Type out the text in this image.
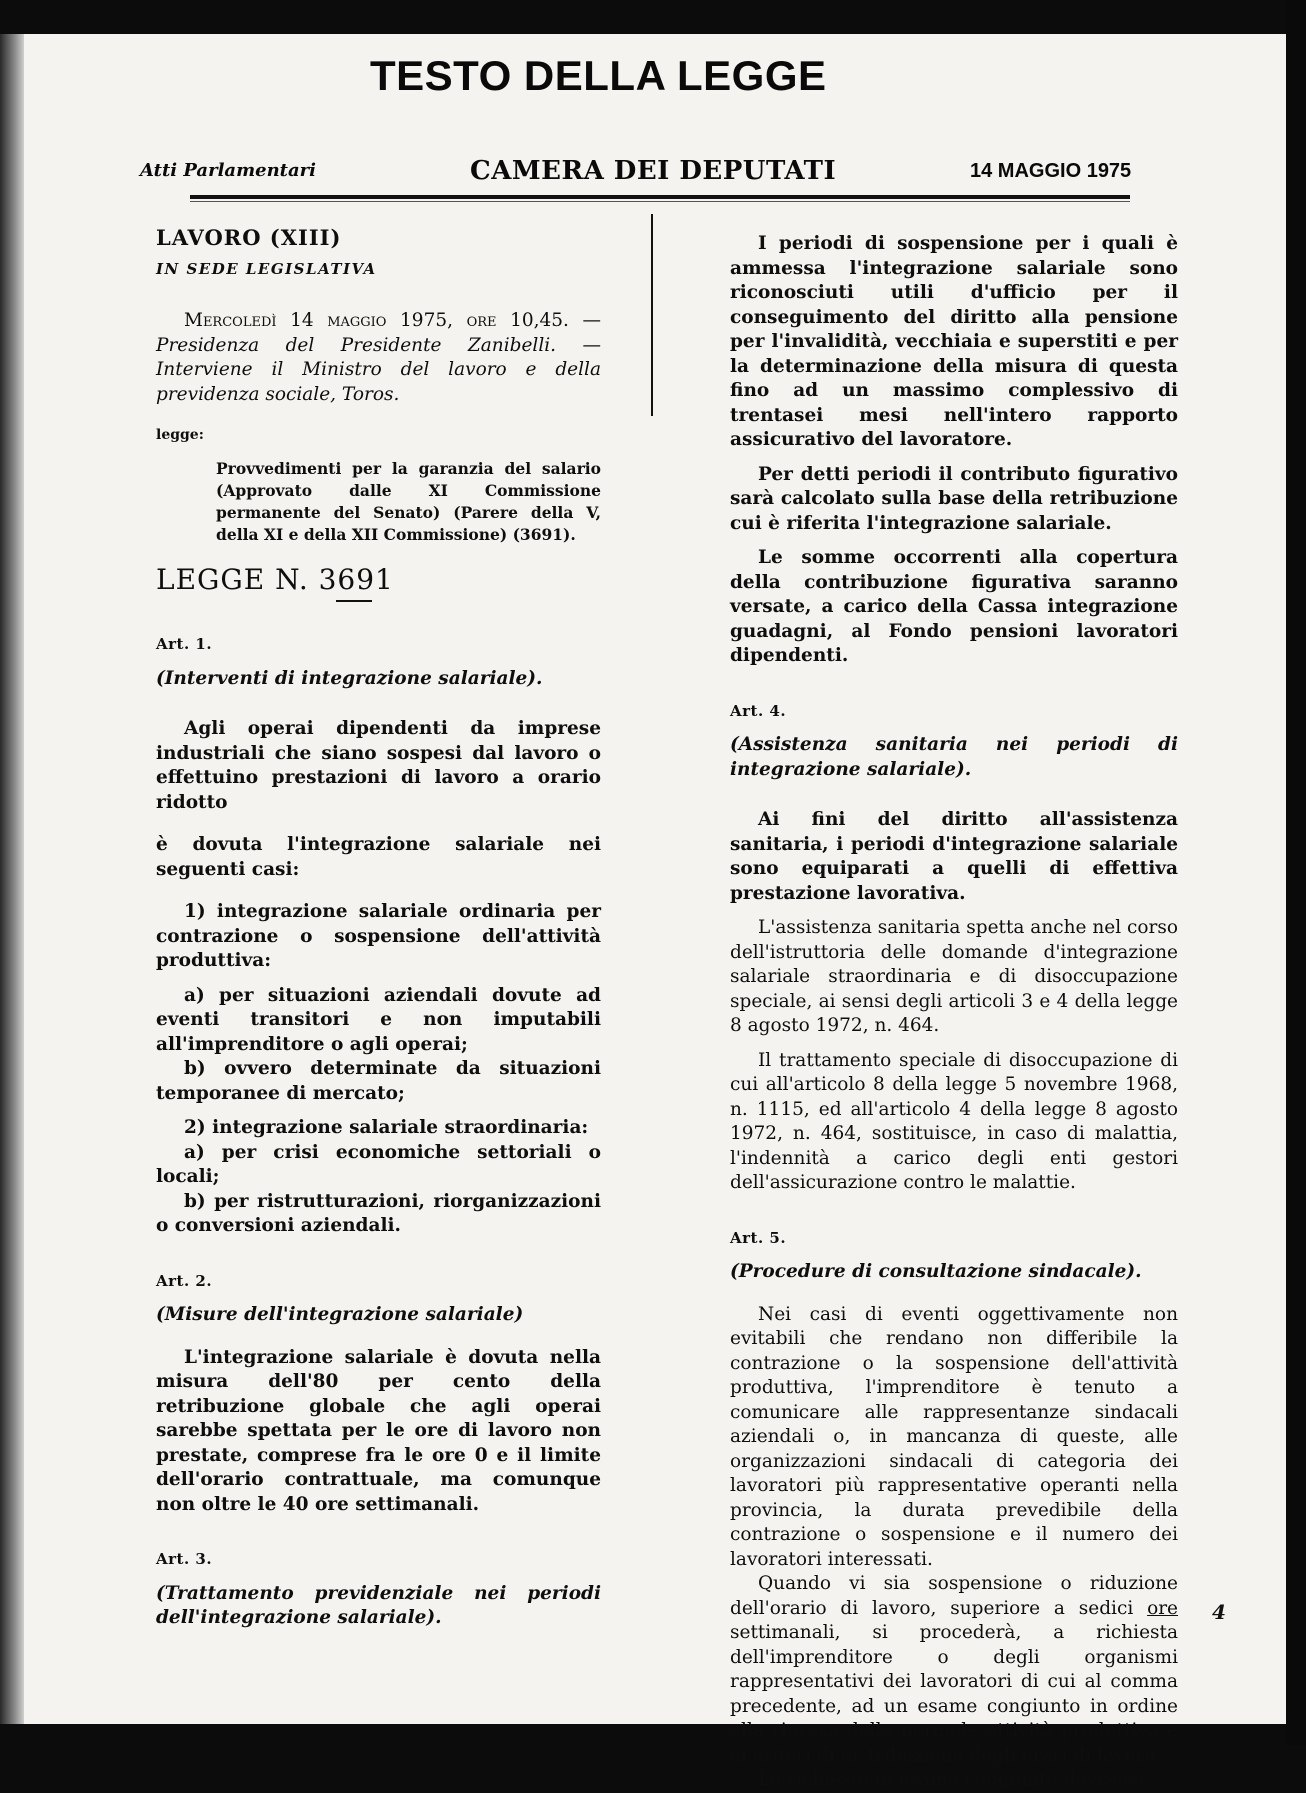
TESTO DELLA LEGGE
Atti Parlamentari	CAMERA DEI DEPUTATI	14 MAGGIO 1975

LAVORO (XIII)

IN SEDE LEGISLATIVA

Mercoledì 14 maggio 1975, ore 10,45. — Presidenza del Presidente Zanibelli. — Interviene il Ministro del lavoro e della previdenza sociale, Toros.

legge:

Provvedimenti per la garanzia del salario (Approvato dalle XI Commissione permanente del Senato) (Parere della V, della XI e della XII Commissione) (3691).

LEGGE N. 3691

Art. 1.

(Interventi di integrazione salariale).

Agli operai dipendenti da imprese industriali che siano sospesi dal lavoro o effettuino prestazioni di lavoro a orario ridotto

è dovuta l'integrazione salariale nei seguenti casi:

1) integrazione salariale ordinaria per contrazione o sospensione dell'attività produttiva:

a) per situazioni aziendali dovute ad eventi transitori e non imputabili all'imprenditore o agli operai;

b) ovvero determinate da situazioni temporanee di mercato;

2) integrazione salariale straordinaria:

a) per crisi economiche settoriali o locali;

b) per ristrutturazioni, riorganizzazioni o conversioni aziendali.

Art. 2.

(Misure dell'integrazione salariale)

L'integrazione salariale è dovuta nella misura dell'80 per cento della retribuzione globale che agli operai sarebbe spettata per le ore di lavoro non prestate, comprese fra le ore 0 e il limite dell'orario contrattuale, ma comunque non oltre le 40 ore settimanali.

Art. 3.

(Trattamento previdenziale nei periodi dell'integrazione salariale).

I periodi di sospensione per i quali è ammessa l'integrazione salariale sono riconosciuti utili d'ufficio per il conseguimento del diritto alla pensione per l'invalidità, vecchiaia e superstiti e per la determinazione della misura di questa fino ad un massimo complessivo di trentasei mesi nell'intero rapporto assicurativo del lavoratore.

Per detti periodi il contributo figurativo sarà calcolato sulla base della retribuzione cui è riferita l'integrazione salariale.

Le somme occorrenti alla copertura della contribuzione figurativa saranno versate, a carico della Cassa integrazione guadagni, al Fondo pensioni lavoratori dipendenti.

Art. 4.

(Assistenza sanitaria nei periodi di integrazione salariale).

Ai fini del diritto all'assistenza sanitaria, i periodi d'integrazione salariale sono equiparati a quelli di effettiva prestazione lavorativa.

L'assistenza sanitaria spetta anche nel corso dell'istruttoria delle domande d'integrazione salariale straordinaria e di disoccupazione speciale, ai sensi degli articoli 3 e 4 della legge 8 agosto 1972, n. 464.

Il trattamento speciale di disoccupazione di cui all'articolo 8 della legge 5 novembre 1968, n. 1115, ed all'articolo 4 della legge 8 agosto 1972, n. 464, sostituisce, in caso di malattia, l'indennità a carico degli enti gestori dell'assicurazione contro le malattie.

Art. 5.

(Procedure di consultazione sindacale).

Nei casi di eventi oggettivamente non evitabili che rendano non differibile la contrazione o la sospensione dell'attività produttiva, l'imprenditore è tenuto a comunicare alle rappresentanze sindacali aziendali o, in mancanza di queste, alle organizzazioni sindacali di categoria dei lavoratori più rappresentative operanti nella provincia, la durata prevedibile della contrazione o sospensione e il numero dei lavoratori interessati.

Quando vi sia sospensione o riduzione dell'orario di lavoro, superiore a sedici ore settimanali, si procederà, a richiesta dell'imprenditore o degli organismi rappresentativi dei lavoratori di cui al comma precedente, ad un esame congiunto in ordine alla ripresa della normale attività produttiva e ai criteri di distribuzione degli orari di lavoro.

La richiesta di esame congiunto dovrà es-

4
